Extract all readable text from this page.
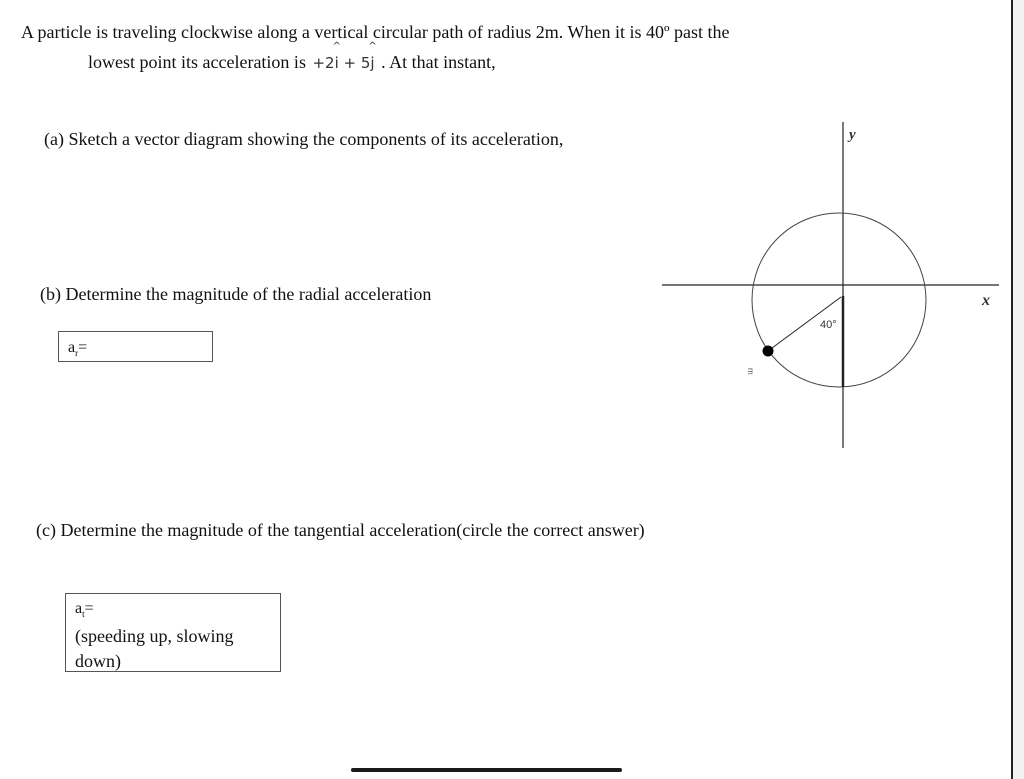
A particle is traveling clockwise along a vertical circular path of radius 2m. When it is 40º past the
lowest point its acceleration is +2^ i + 5^ j . At that instant,
(a) Sketch a vector diagram showing the components of its acceleration,
(b) Determine the magnitude of the radial acceleration
(c) Determine the magnitude of the tangential acceleration(circle the correct answer)
$a_r=$
$a_t=$
(speeding up, slowing down)
y
x
40°
m
